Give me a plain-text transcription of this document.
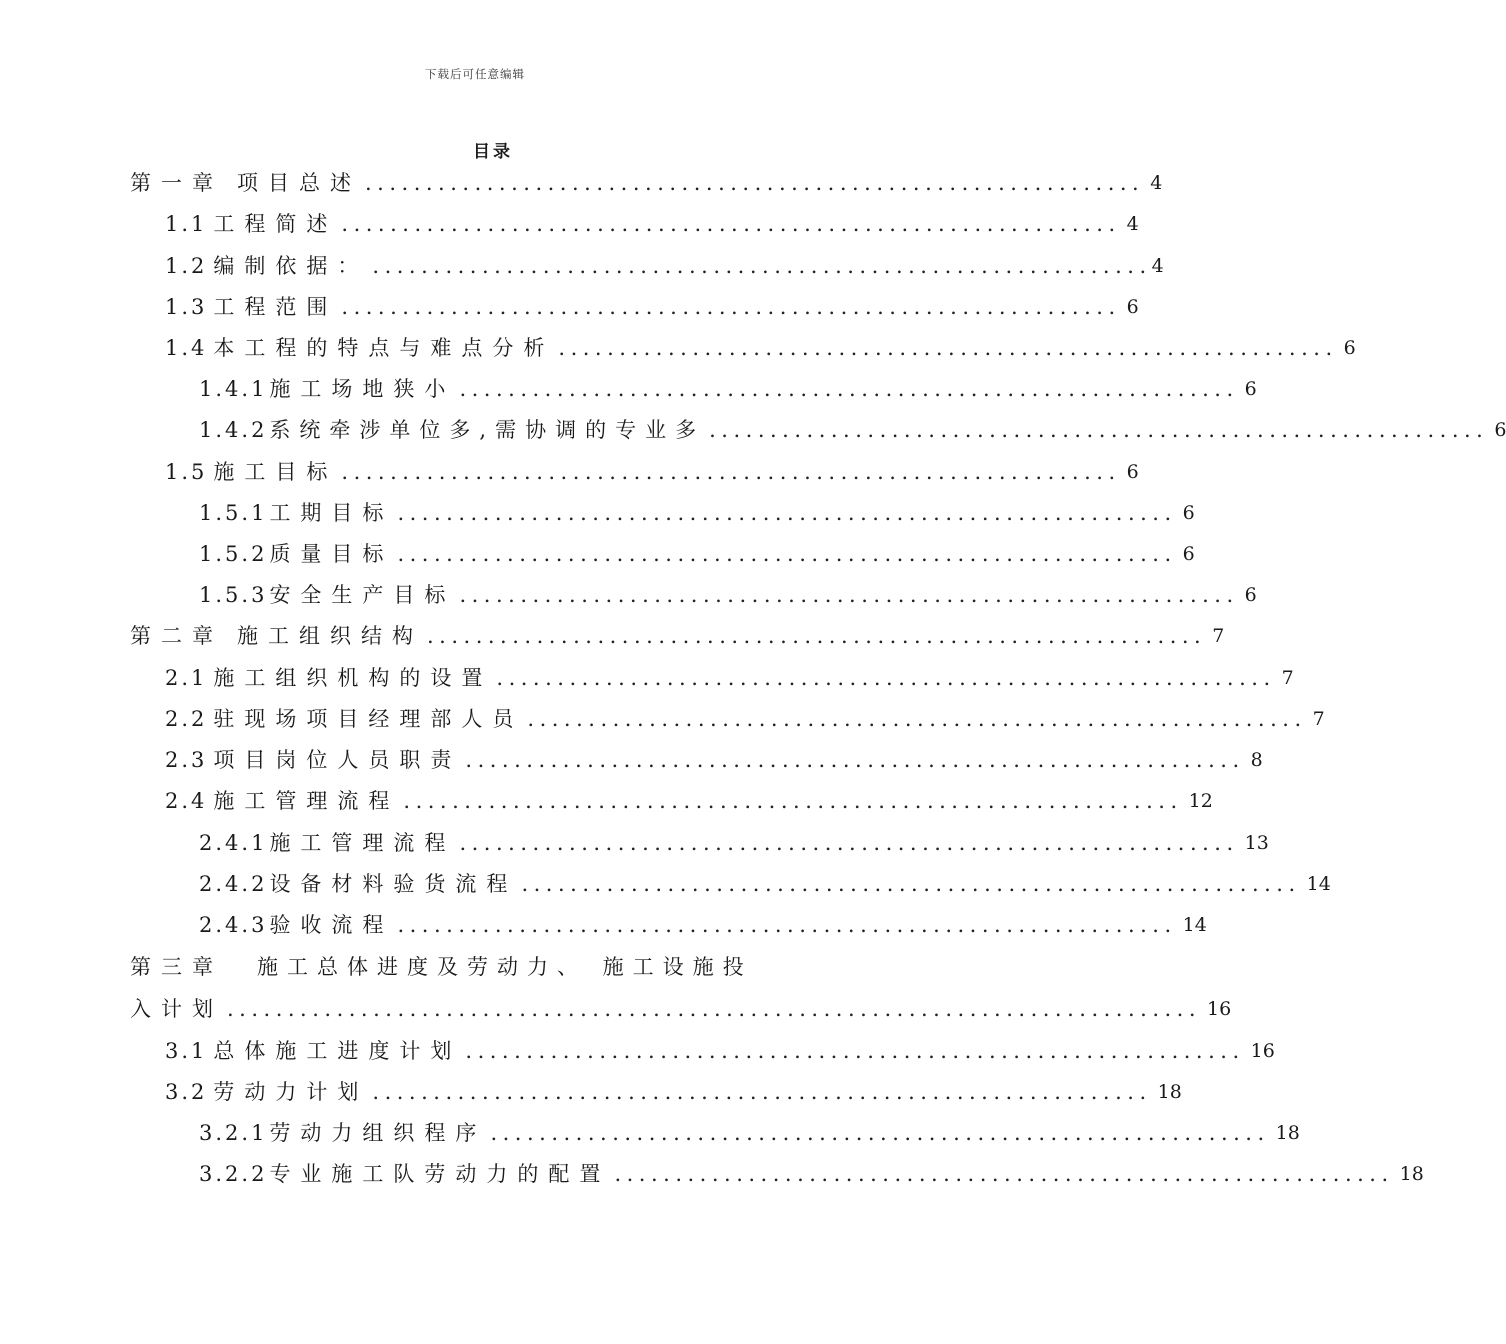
下载后可任意编辑
目录
第一章 项目总述 ................................................................ 4
1.1 工程简述 ................................................................ 4
1.2 编制依据： ................................................................ 4
1.3 工程范围 ................................................................ 6
1.4 本工程的特点与难点分析 ................................................................ 6
1.4.1 施工场地狭小 ................................................................ 6
1.4.2 系统牵涉单位多,需协调的专业多 ................................................................ 6
1.5 施工目标 ................................................................ 6
1.5.1 工期目标 ................................................................ 6
1.5.2 质量目标 ................................................................ 6
1.5.3 安全生产目标 ................................................................ 6
第二章 施工组织结构 ................................................................ 7
2.1 施工组织机构的设置 ................................................................ 7
2.2 驻现场项目经理部人员 ................................................................ 7
2.3 项目岗位人员职责 ................................................................ 8
2.4 施工管理流程 ................................................................ 12
2.4.1 施工管理流程 ................................................................ 13
2.4.2 设备材料验货流程 ................................................................ 14
2.4.3 验收流程 ................................................................ 14
第三章 施工总体进度及劳动力、 施工设施投
入计划 ................................................................................ 16
3.1 总体施工进度计划 ................................................................ 16
3.2 劳动力计划 ................................................................ 18
3.2.1 劳动力组织程序 ................................................................ 18
3.2.2 专业施工队劳动力的配置 ................................................................ 18
